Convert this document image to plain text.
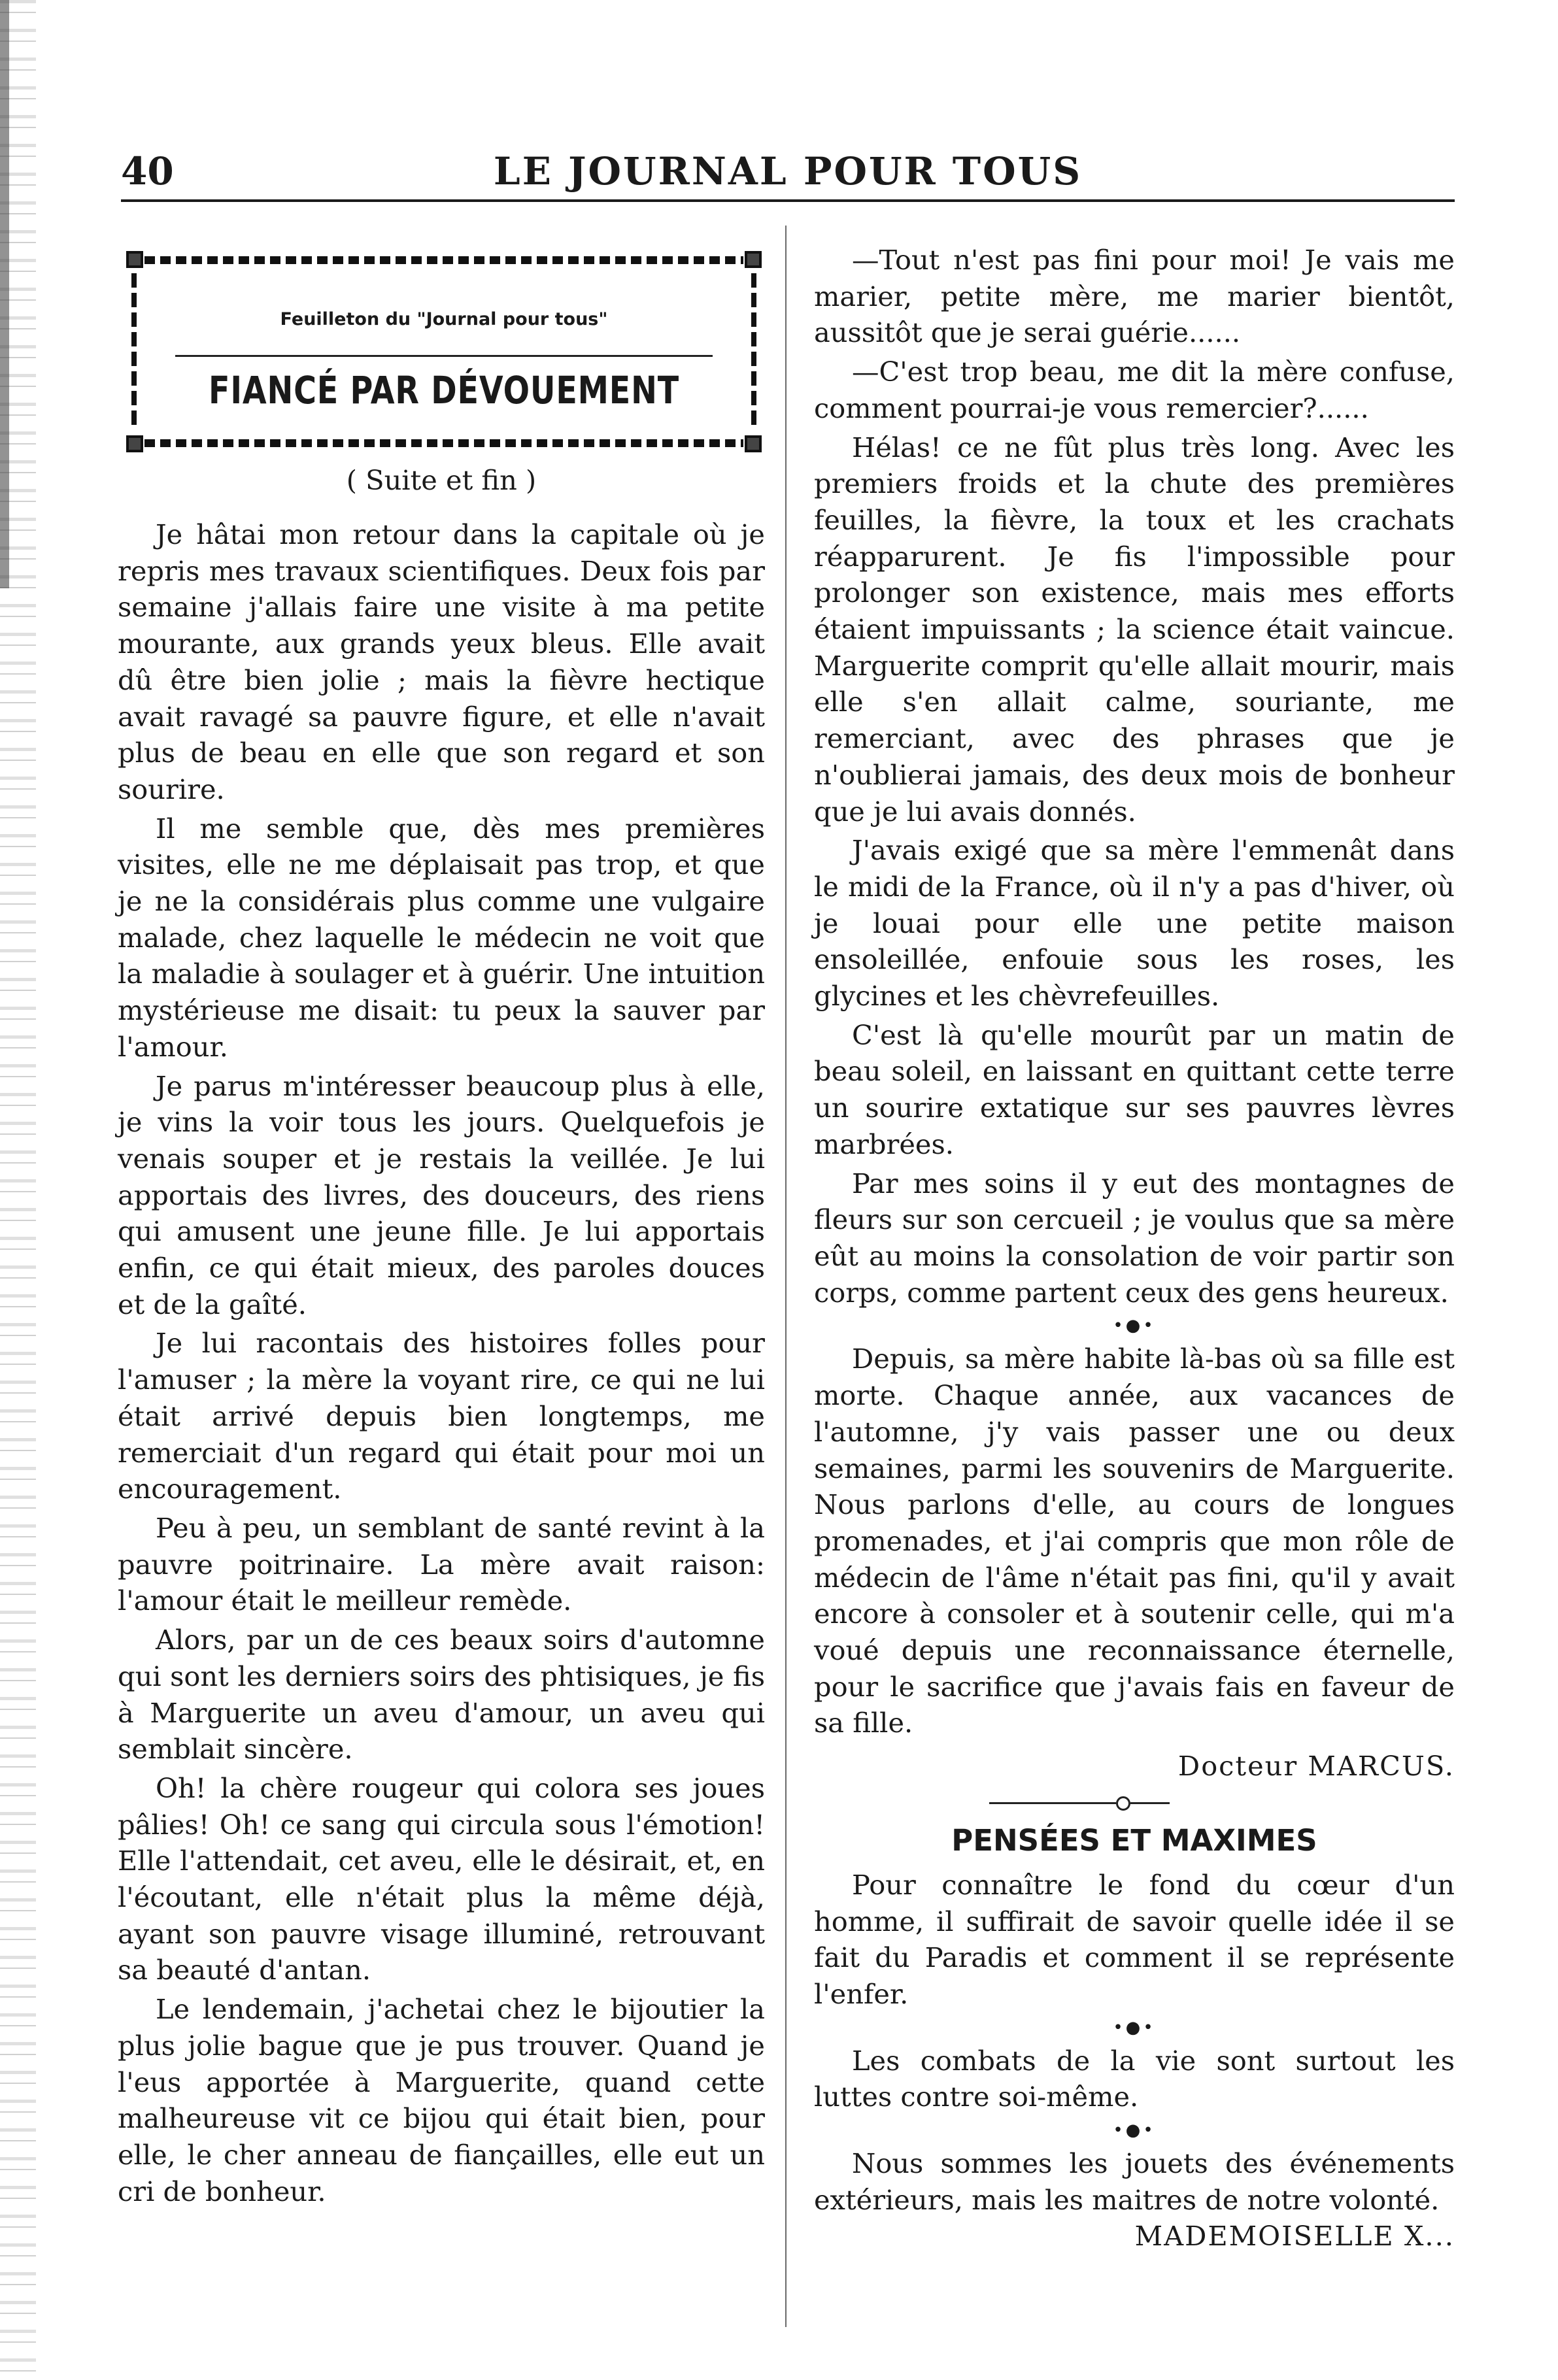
40	LE JOURNAL POUR TOUS
Feuilleton du "Journal pour tous"
FIANCÉ PAR DÉVOUEMENT
( Suite et fin )

Je hâtai mon retour dans la capitale où je repris mes travaux scientifiques. Deux fois par semaine j'allais faire une visite à ma petite mourante, aux grands yeux bleus. Elle avait dû être bien jolie ; mais la fièvre hectique avait ravagé sa pauvre figure, et elle n'avait plus de beau en elle que son regard et son sourire.

Il me semble que, dès mes premières visites, elle ne me déplaisait pas trop, et que je ne la considérais plus comme une vulgaire malade, chez laquelle le médecin ne voit que la maladie à soulager et à guérir. Une intuition mystérieuse me disait: tu peux la sauver par l'amour.

Je parus m'intéresser beaucoup plus à elle, je vins la voir tous les jours. Quelquefois je venais souper et je restais la veillée. Je lui apportais des livres, des douceurs, des riens qui amusent une jeune fille. Je lui apportais enfin, ce qui était mieux, des paroles douces et de la gaîté.

Je lui racontais des histoires folles pour l'amuser ; la mère la voyant rire, ce qui ne lui était arrivé depuis bien longtemps, me remerciait d'un regard qui était pour moi un encouragement.

Peu à peu, un semblant de santé revint à la pauvre poitrinaire. La mère avait raison: l'amour était le meilleur remède.

Alors, par un de ces beaux soirs d'automne qui sont les derniers soirs des phtisiques, je fis à Marguerite un aveu d'amour, un aveu qui semblait sincère.

Oh! la chère rougeur qui colora ses joues pâlies! Oh! ce sang qui circula sous l'émotion! Elle l'attendait, cet aveu, elle le désirait, et, en l'écoutant, elle n'était plus la même déjà, ayant son pauvre visage illuminé, retrouvant sa beauté d'antan.

Le lendemain, j'achetai chez le bijoutier la plus jolie bague que je pus trouver. Quand je l'eus apportée à Marguerite, quand cette malheureuse vit ce bijou qui était bien, pour elle, le cher anneau de fiançailles, elle eut un cri de bonheur.

—Tout n'est pas fini pour moi! Je vais me marier, petite mère, me marier bientôt, aussitôt que je serai guérie......

—C'est trop beau, me dit la mère confuse, comment pourrai-je vous remercier?......

Hélas! ce ne fût plus très long. Avec les premiers froids et la chute des premières feuilles, la fièvre, la toux et les crachats réapparurent. Je fis l'impossible pour prolonger son existence, mais mes efforts étaient impuissants ; la science était vaincue. Marguerite comprit qu'elle allait mourir, mais elle s'en allait calme, souriante, me remerciant, avec des phrases que je n'oublierai jamais, des deux mois de bonheur que je lui avais donnés.

J'avais exigé que sa mère l'emmenât dans le midi de la France, où il n'y a pas d'hiver, où je louai pour elle une petite maison ensoleillée, enfouie sous les roses, les glycines et les chèvrefeuilles.

C'est là qu'elle mourût par un matin de beau soleil, en laissant en quittant cette terre un sourire extatique sur ses pauvres lèvres marbrées.

Par mes soins il y eut des montagnes de fleurs sur son cercueil ; je voulus que sa mère eût au moins la consolation de voir partir son corps, comme partent ceux des gens heureux.

•●•

Depuis, sa mère habite là-bas où sa fille est morte. Chaque année, aux vacances de l'automne, j'y vais passer une ou deux semaines, parmi les souvenirs de Marguerite. Nous parlons d'elle, au cours de longues promenades, et j'ai compris que mon rôle de médecin de l'âme n'était pas fini, qu'il y avait encore à consoler et à soutenir celle, qui m'a voué depuis une reconnaissance éternelle, pour le sacrifice que j'avais fais en faveur de sa fille.

Docteur MARCUS.

PENSÉES ET MAXIMES

Pour connaître le fond du cœur d'un homme, il suffirait de savoir quelle idée il se fait du Paradis et comment il se représente l'enfer.

•●•

Les combats de la vie sont surtout les luttes contre soi-même.

•●•

Nous sommes les jouets des événements extérieurs, mais les maitres de notre volonté.

MADEMOISELLE X...
